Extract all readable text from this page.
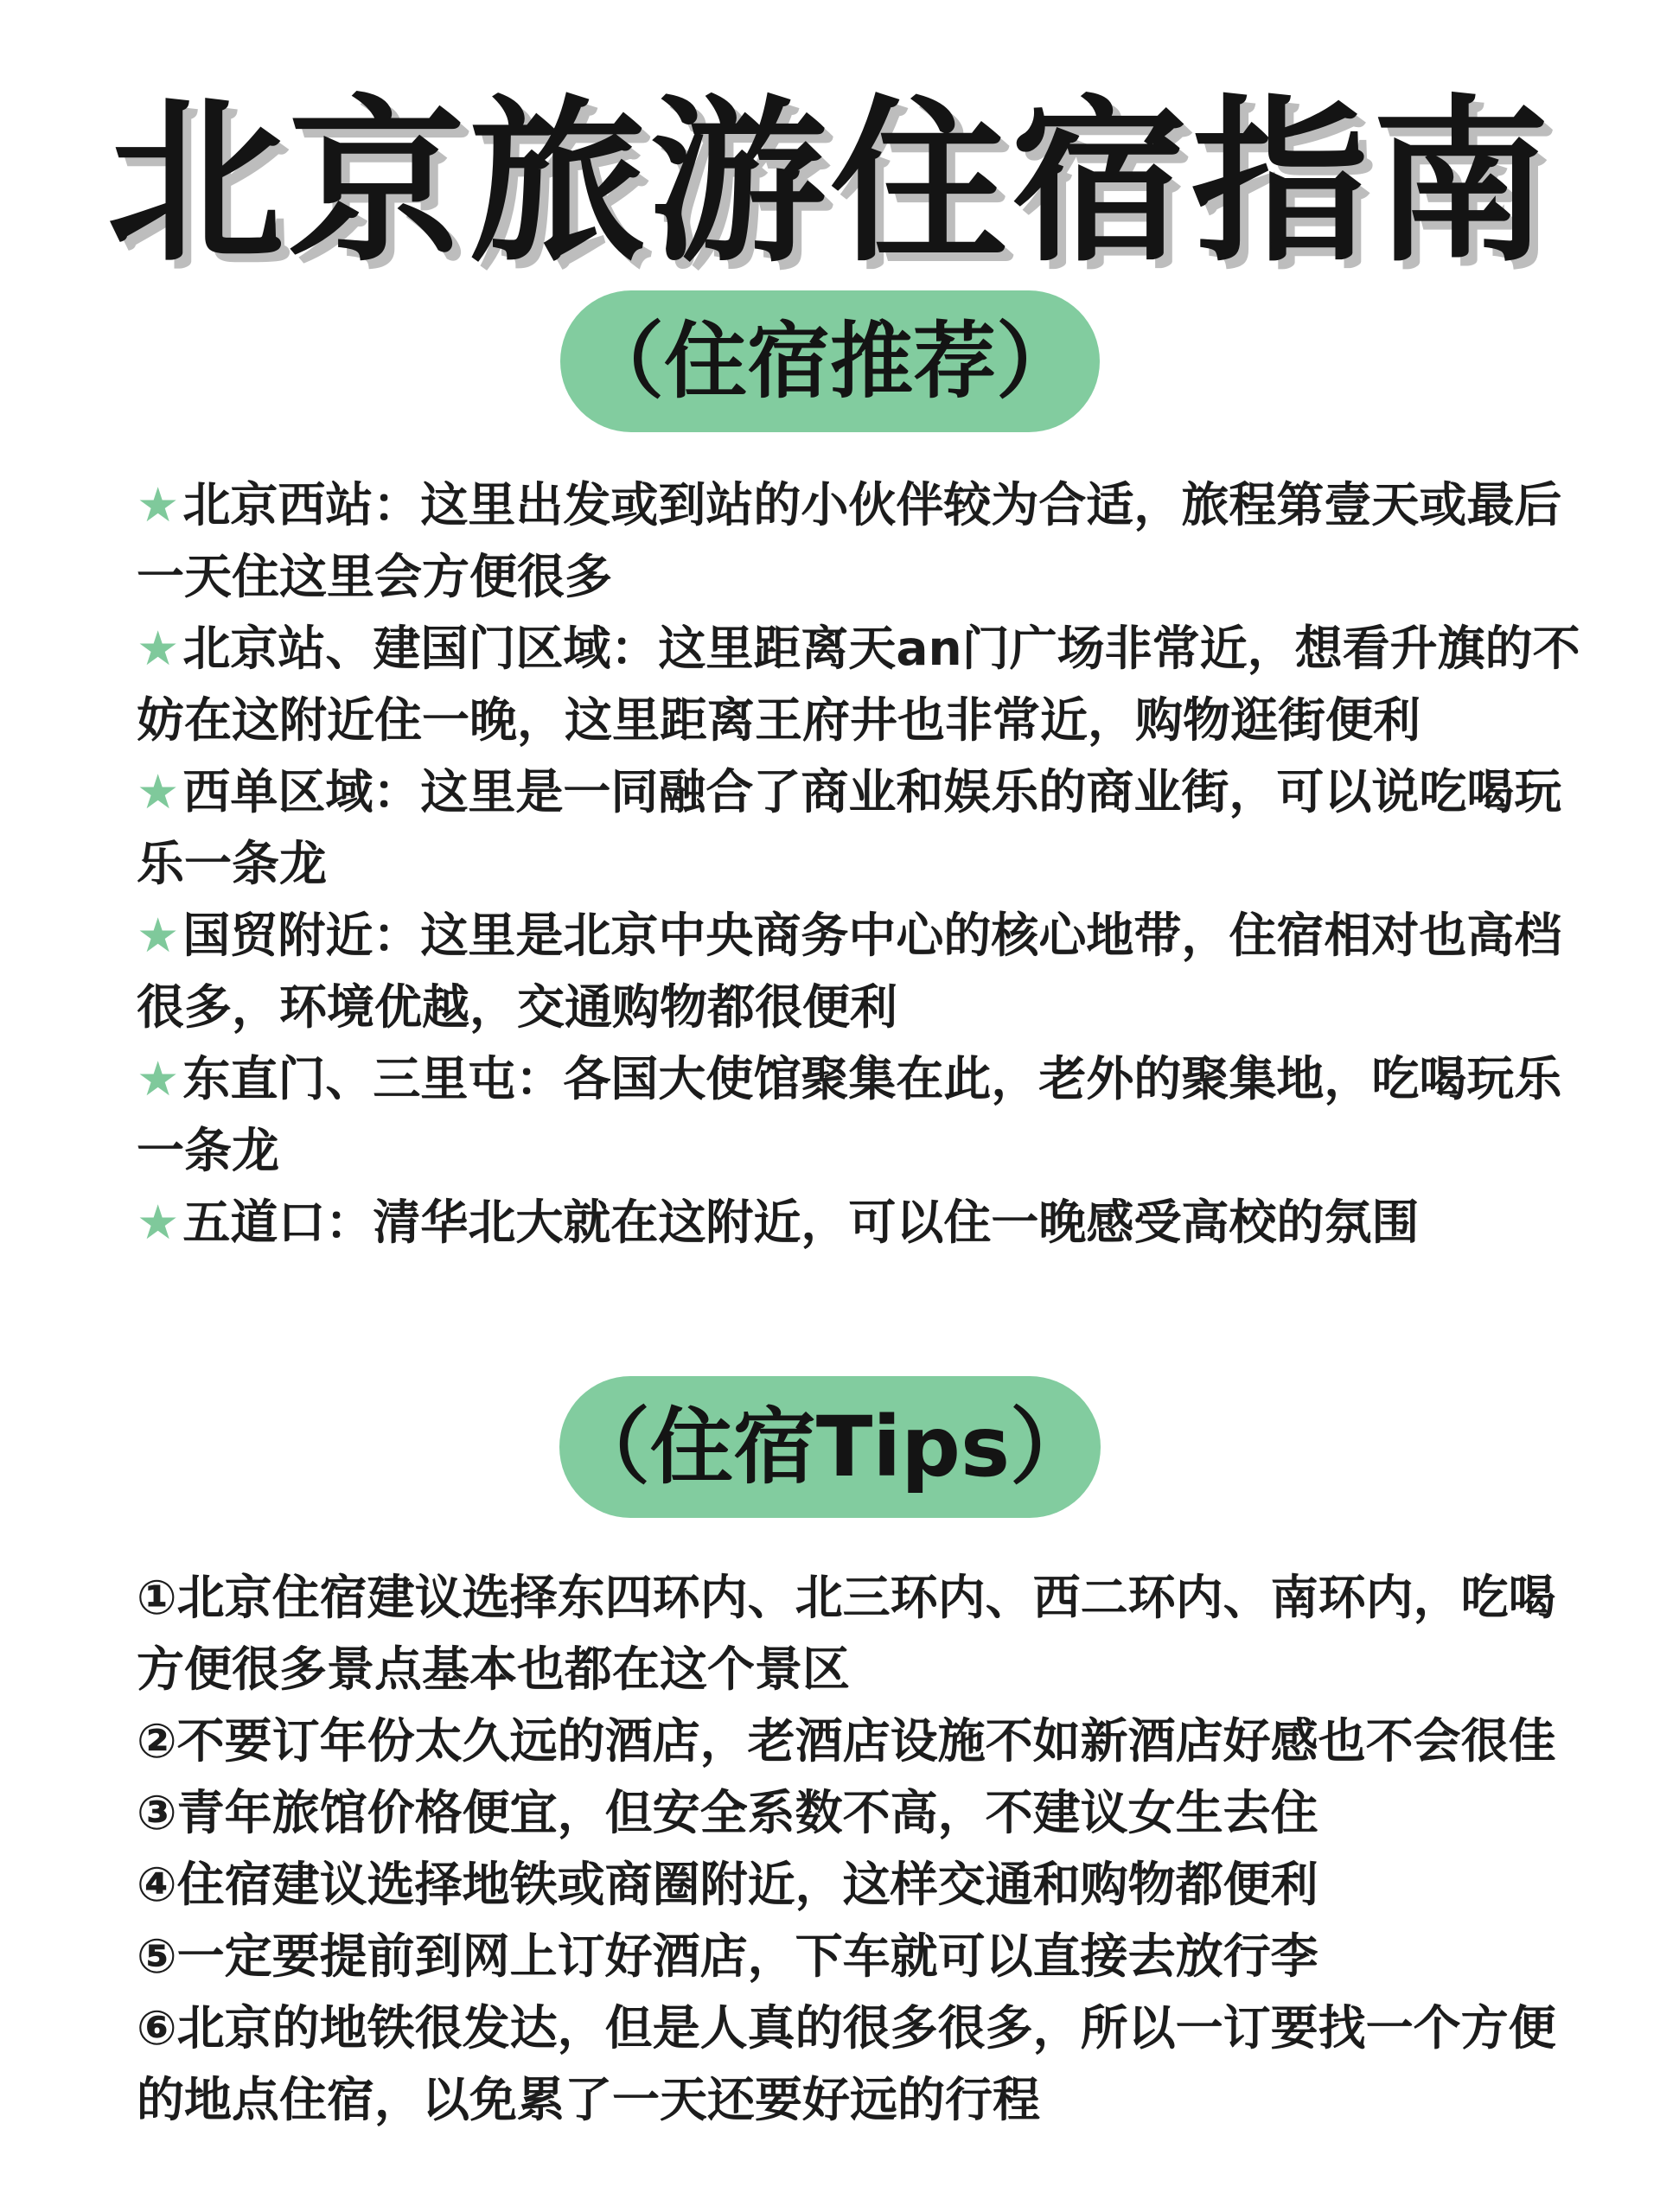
北京旅游住宿指南
（住宿推荐）

★北京西站：这里出发或到站的小伙伴较为合适，旅程第壹天或最后一天住这里会方便很多

★北京站、建国门区域：这里距离天an门广场非常近，想看升旗的不妨在这附近住一晚，这里距离王府井也非常近，购物逛街便利

★西单区域：这里是一同融合了商业和娱乐的商业街，可以说吃喝玩乐一条龙

★国贸附近：这里是北京中央商务中心的核心地带，住宿相对也高档很多，环境优越，交通购物都很便利

★东直门、三里屯：各国大使馆聚集在此，老外的聚集地，吃喝玩乐一条龙

★五道口：清华北大就在这附近，可以住一晚感受高校的氛围

（住宿Tips）

①北京住宿建议选择东四环内、北三环内、西二环内、南环内，吃喝方便很多景点基本也都在这个景区

②不要订年份太久远的酒店，老酒店设施不如新酒店好感也不会很佳

③青年旅馆价格便宜，但安全系数不高，不建议女生去住

④住宿建议选择地铁或商圈附近，这样交通和购物都便利

⑤一定要提前到网上订好酒店，下车就可以直接去放行李

⑥北京的地铁很发达，但是人真的很多很多，所以一订要找一个方便的地点住宿，以免累了一天还要好远的行程
